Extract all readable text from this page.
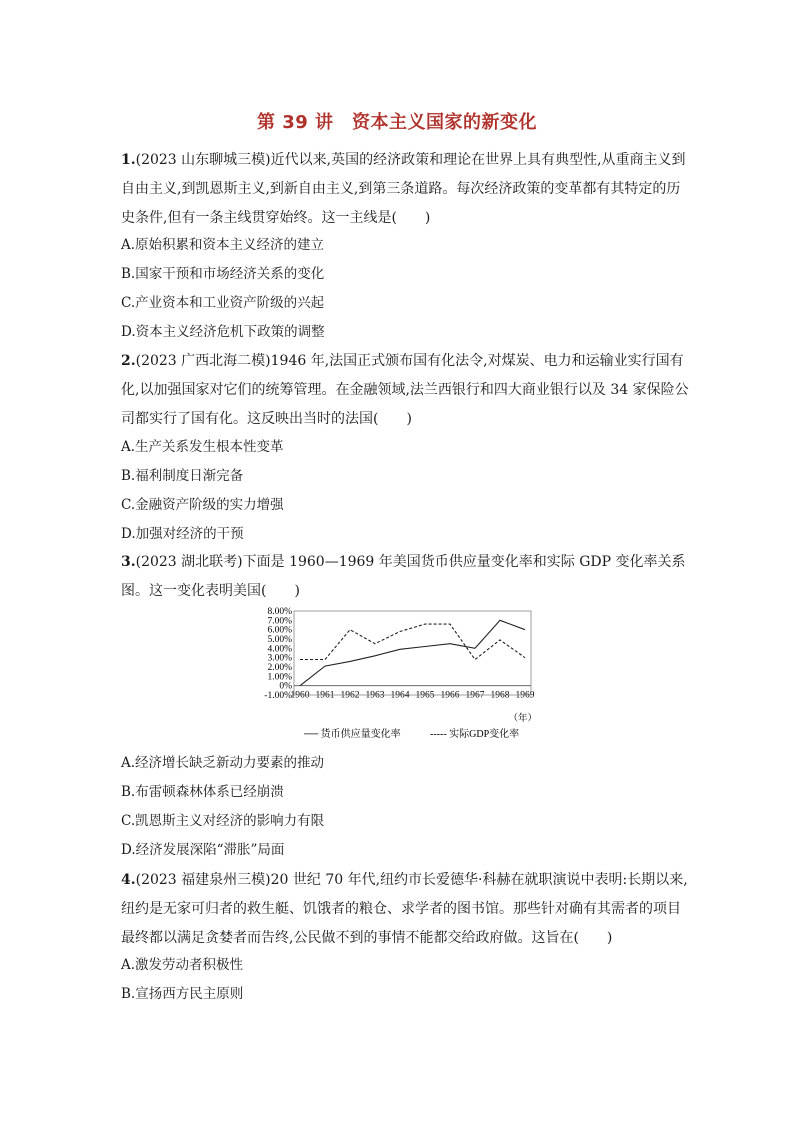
第 39 讲　资本主义国家的新变化

1.(2023 山东聊城三模)近代以来,英国的经济政策和理论在世界上具有典型性,从重商主义到自由主义,到凯恩斯主义,到新自由主义,到第三条道路。每次经济政策的变革都有其特定的历史条件,但有一条主线贯穿始终。这一主线是(　　)

A.原始积累和资本主义经济的建立
B.国家干预和市场经济关系的变化
C.产业资本和工业资产阶级的兴起
D.资本主义经济危机下政策的调整

2.(2023 广西北海二模)1946 年,法国正式颁布国有化法令,对煤炭、电力和运输业实行国有化,以加强国家对它们的统筹管理。在金融领域,法兰西银行和四大商业银行以及 34 家保险公司都实行了国有化。这反映出当时的法国(　　)

A.生产关系发生根本性变革
B.福利制度日渐完备
C.金融资产阶级的实力增强
D.加强对经济的干预

3.(2023 湖北联考)下面是 1960—1969 年美国货币供应量变化率和实际 GDP 变化率关系图。这一变化表明美国(　　)

8.00%
7.00%
6.00%
5.00%
4.00%
3.00%
2.00%
1.00%
0%
-1.00%
1960 1961 1962 1963 1964 1965 1966 1967 1968 1969
（年）
── 货币供应量变化率	----- 实际GDP变化率
A.经济增长缺乏新动力要素的推动
B.布雷顿森林体系已经崩溃
C.凯恩斯主义对经济的影响力有限
D.经济发展深陷“滞胀”局面

4.(2023 福建泉州三模)20 世纪 70 年代,纽约市长爱德华·科赫在就职演说中表明:长期以来,纽约是无家可归者的救生艇、饥饿者的粮仓、求学者的图书馆。那些针对确有其需者的项目最终都以满足贪婪者而告终,公民做不到的事情不能都交给政府做。这旨在(　　)

A.激发劳动者积极性
B.宣扬西方民主原则
